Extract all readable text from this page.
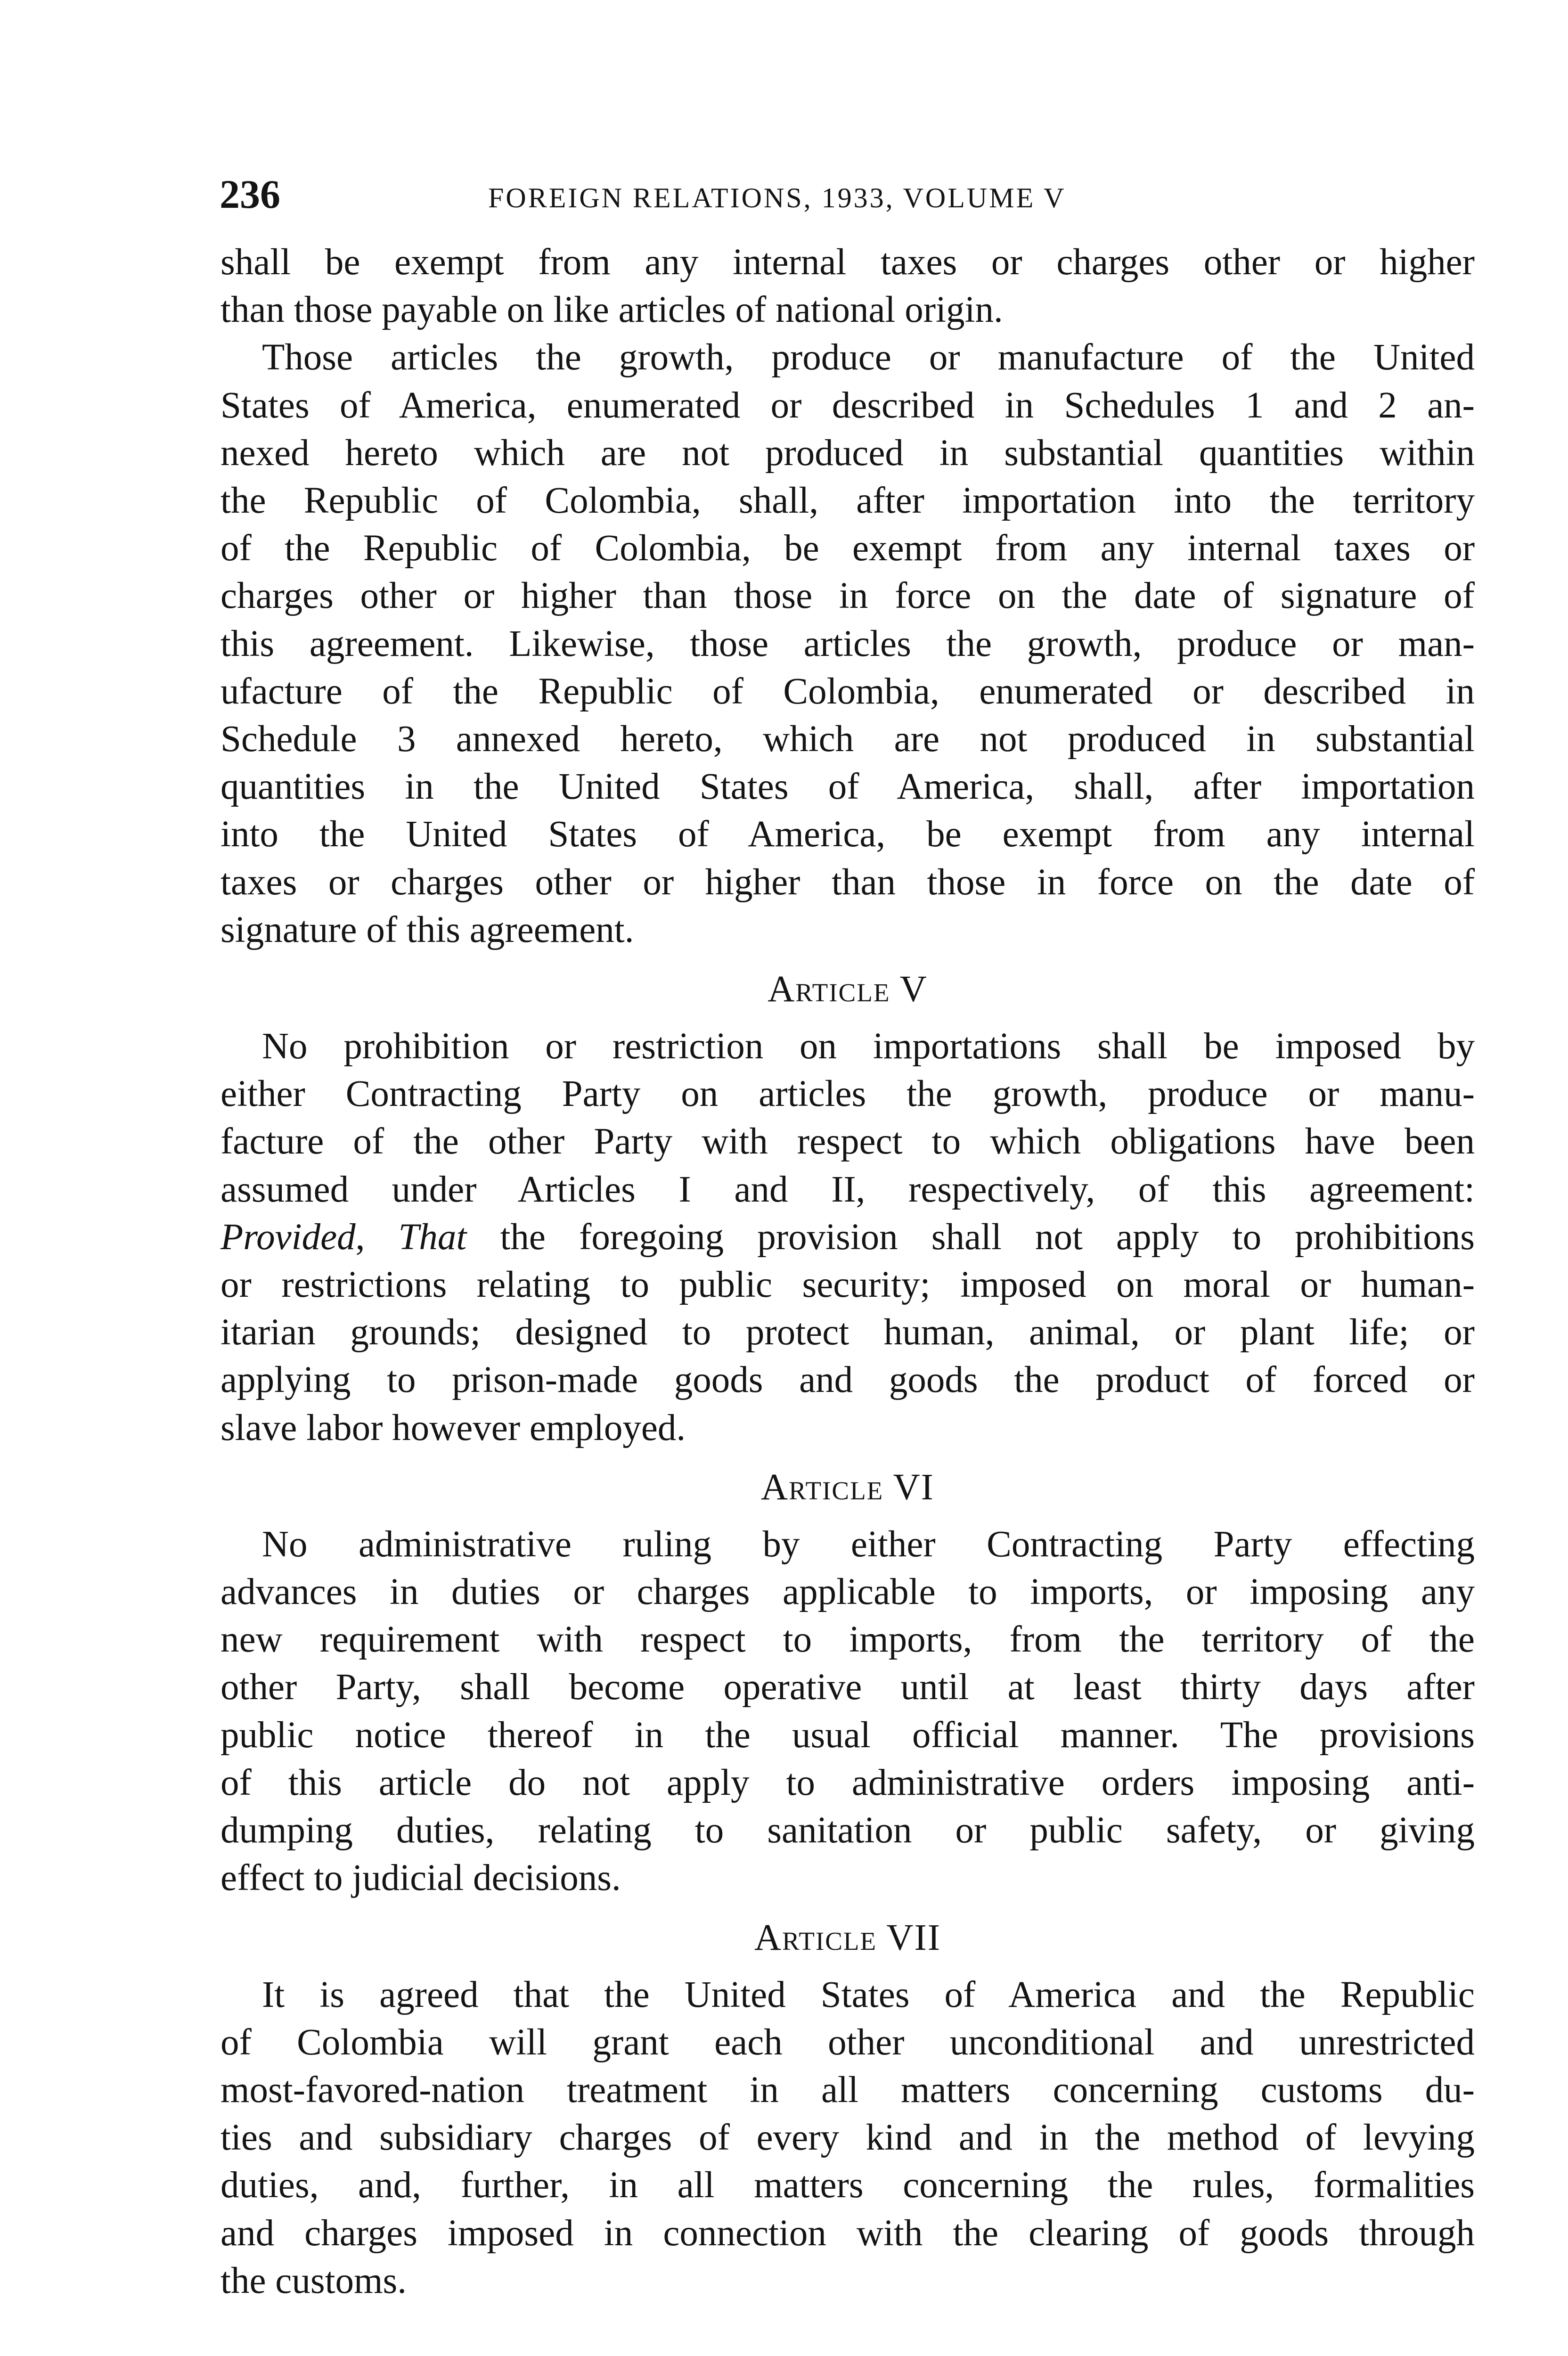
236	FOREIGN RELATIONS, 1933, VOLUME V

shall be exempt from any internal taxes or charges other or higher
than those payable on like articles of national origin.

Those articles the growth, produce or manufacture of the United
States of America, enumerated or described in Schedules 1 and 2 an-
nexed hereto which are not produced in substantial quantities within
the Republic of Colombia, shall, after importation into the territory
of the Republic of Colombia, be exempt from any internal taxes or
charges other or higher than those in force on the date of signature of
this agreement. Likewise, those articles the growth, produce or man-
ufacture of the Republic of Colombia, enumerated or described in
Schedule 3 annexed hereto, which are not produced in substantial
quantities in the United States of America, shall, after importation
into the United States of America, be exempt from any internal
taxes or charges other or higher than those in force on the date of
signature of this agreement.

Article V

No prohibition or restriction on importations shall be imposed by
either Contracting Party on articles the growth, produce or manu-
facture of the other Party with respect to which obligations have been
assumed under Articles I and II, respectively, of this agreement:
Provided, That the foregoing provision shall not apply to prohibitions
or restrictions relating to public security; imposed on moral or human-
itarian grounds; designed to protect human, animal, or plant life; or
applying to prison-made goods and goods the product of forced or
slave labor however employed.

Article VI

No administrative ruling by either Contracting Party effecting
advances in duties or charges applicable to imports, or imposing any
new requirement with respect to imports, from the territory of the
other Party, shall become operative until at least thirty days after
public notice thereof in the usual official manner. The provisions
of this article do not apply to administrative orders imposing anti-
dumping duties, relating to sanitation or public safety, or giving
effect to judicial decisions.

Article VII

It is agreed that the United States of America and the Republic
of Colombia will grant each other unconditional and unrestricted
most-favored-nation treatment in all matters concerning customs du-
ties and subsidiary charges of every kind and in the method of levying
duties, and, further, in all matters concerning the rules, formalities
and charges imposed in connection with the clearing of goods through
the customs.
